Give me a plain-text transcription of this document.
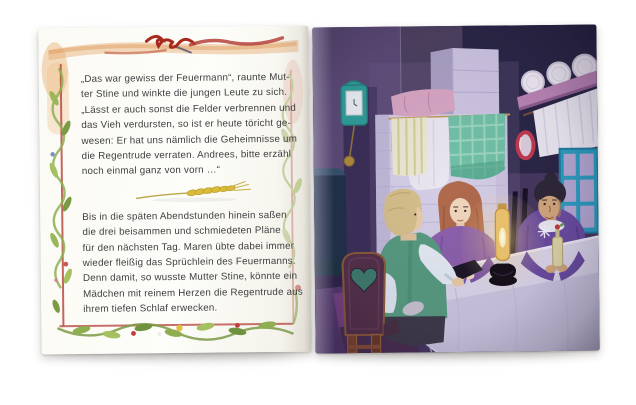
„Das war gewiss der Feuermann“, raunte Mut-
ter Stine und winkte die jungen Leute zu sich.
„Lässt er auch sonst die Felder verbrennen und
das Vieh verdursten, so ist er heute töricht ge-
wesen: Er hat uns nämlich die Geheimnisse um
die Regentrude verraten. Andrees, bitte erzähl
noch einmal ganz von vorn …“
Bis in die späten Abendstunden hinein saßen
die drei beisammen und schmiedeten Pläne
für den nächsten Tag. Maren übte dabei immer
wieder fleißig das Sprüchlein des Feuermanns.
Denn damit, so wusste Mutter Stine, könnte ein
Mädchen mit reinem Herzen die Regentrude aus
ihrem tiefen Schlaf erwecken.
